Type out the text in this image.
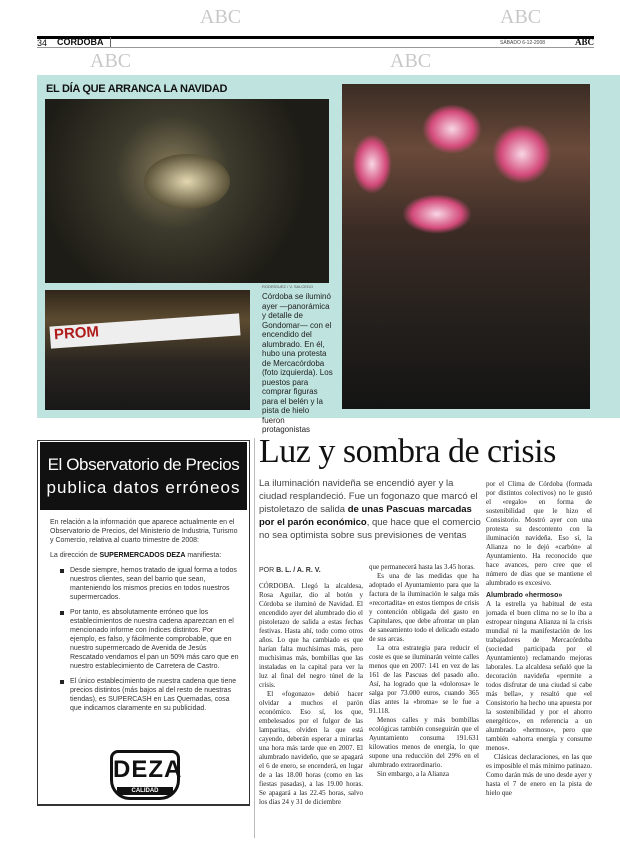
34 CÓRDOBA	SÁBADO 6-12-2008	ABC
EL DÍA QUE ARRANCA LA NAVIDAD
RODRÍGUEZ / V. SALCEDO
PROM
Córdoba se iluminó ayer —panorámica y detalle de Gondomar— con el encendido del alumbrado. En él, hubo una protesta de Mercacórdoba (foto izquierda). Los puestos para comprar figuras para el belén y la pista de hielo fueron protagonistas
El Observatorio de Precios
publica datos erróneos
En relación a la información que aparece actualmente en el Observatorio de Precios, del Ministerio de Industria, Turismo y Comercio, relativa al cuarto trimestre de 2008:
La dirección de SUPERMERCADOS DEZA manifiesta:
Desde siempre, hemos tratado de igual forma a todos nuestros clientes, sean del barrio que sean, manteniendo los mismos precios en todos nuestros supermercados.
Por tanto, es absolutamente erróneo que los establecimientos de nuestra cadena aparezcan en el mencionado informe con índices distintos. Por ejemplo, es falso, y fácilmente comprobable, que en nuestro supermercado de Avenida de Jesús Rescatado vendamos el pan un 50% más caro que en nuestro establecimiento de Carretera de Castro.
El único establecimiento de nuestra cadena que tiene precios distintos (más bajos al del resto de nuestras tiendas), es SUPERCASH en Las Quemadas, cosa que indicamos claramente en su publicidad.
DEZA
CALIDAD
Luz y sombra de crisis
La iluminación navideña se encendió ayer y la ciudad resplandeció. Fue un fogonazo que marcó el pistoletazo de salida de unas Pascuas marcadas por el parón económico, que hace que el comercio no sea optimista sobre sus previsiones de ventas
POR B. L. / A. R. V.

CÓRDOBA. Llegó la alcaldesa, Rosa Aguilar, dio al botón y Córdoba se iluminó de Navidad. El encendido ayer del alumbrado dio el pistoletazo de salida a estas fechas festivas. Hasta ahí, todo como otros años. Lo que ha cambiado es que harían falta muchísimas más, pero muchísimas más, bombillas que las instaladas en la capital para ver la luz al final del negro túnel de la crisis.

El «fogonazo» debió hacer olvidar a muchos el parón económico. Eso sí, los que, embelesados por el fulgor de las lamparitas, olviden la que está cayendo, deberán esperar a mirarlas una hora más tarde que en 2007. El alumbrado navideño, que se apagará el 6 de enero, se encenderá, en lugar de a las 18.00 horas (como en las fiestas pasadas), a las 19.00 horas. Se apagará a las 22.45 horas, salvo los días 24 y 31 de diciembre

que permanecerá hasta las 3.45 horas.

Es una de las medidas que ha adoptado el Ayuntamiento para que la factura de la iluminación le salga más «recortadita» en estos tiempos de crisis y contención obligada del gasto en Capitulares, que debe afrontar un plan de saneamiento todo el delicado estado de sus arcas.

La otra estrategia para reducir el coste es que se iluminarán veinte calles menos que en 2007: 141 en vez de las 161 de las Pascuas del pasado año. Así, ha logrado que la «dolorosa» le salga por 73.000 euros, cuando 365 días antes la «broma» se le fue a 91.118.

Menos calles y más bombillas ecológicas también conseguirán que el Ayuntamiento consuma 191.631 kilowatios menos de energía, lo que supone una reducción del 29% en el alumbrado extraordinario.

Sin embargo, a la Alianza

por el Clima de Córdoba (formada por distintos colectivos) no le gustó el «regalo» en forma de sostenibilidad que le hizo el Consistorio. Mostró ayer con una protesta su descontento con la iluminación navideña. Eso sí, la Alianza no le dejó «carbón» al Ayuntamiento. Ha reconocido que hace avances, pero cree que el número de días que se mantiene el alumbrado es excesivo.

Alumbrado «hermoso»

A la estrella ya habitual de esta jornada el buen clima no se lo iba a estropear ninguna Alianza ni la crisis mundial ni la manifestación de los trabajadores de Mercacórdoba (sociedad participada por el Ayuntamiento) reclamando mejoras laborales. La alcaldesa señaló que la decoración navideña «permite a todos disfrutar de una ciudad si cabe más bella», y resaltó que «el Consistorio ha hecho una apuesta por la sostenibilidad y por el ahorro energético», en referencia a un alumbrado «hermoso», pero que también «ahorra energía y consume menos».

Clásicas declaraciones, en las que es imposible el más mínimo patinazo. Como darán más de uno desde ayer y hasta el 7 de enero en la pista de hielo que

ABC	ABC
ABC	ABC
